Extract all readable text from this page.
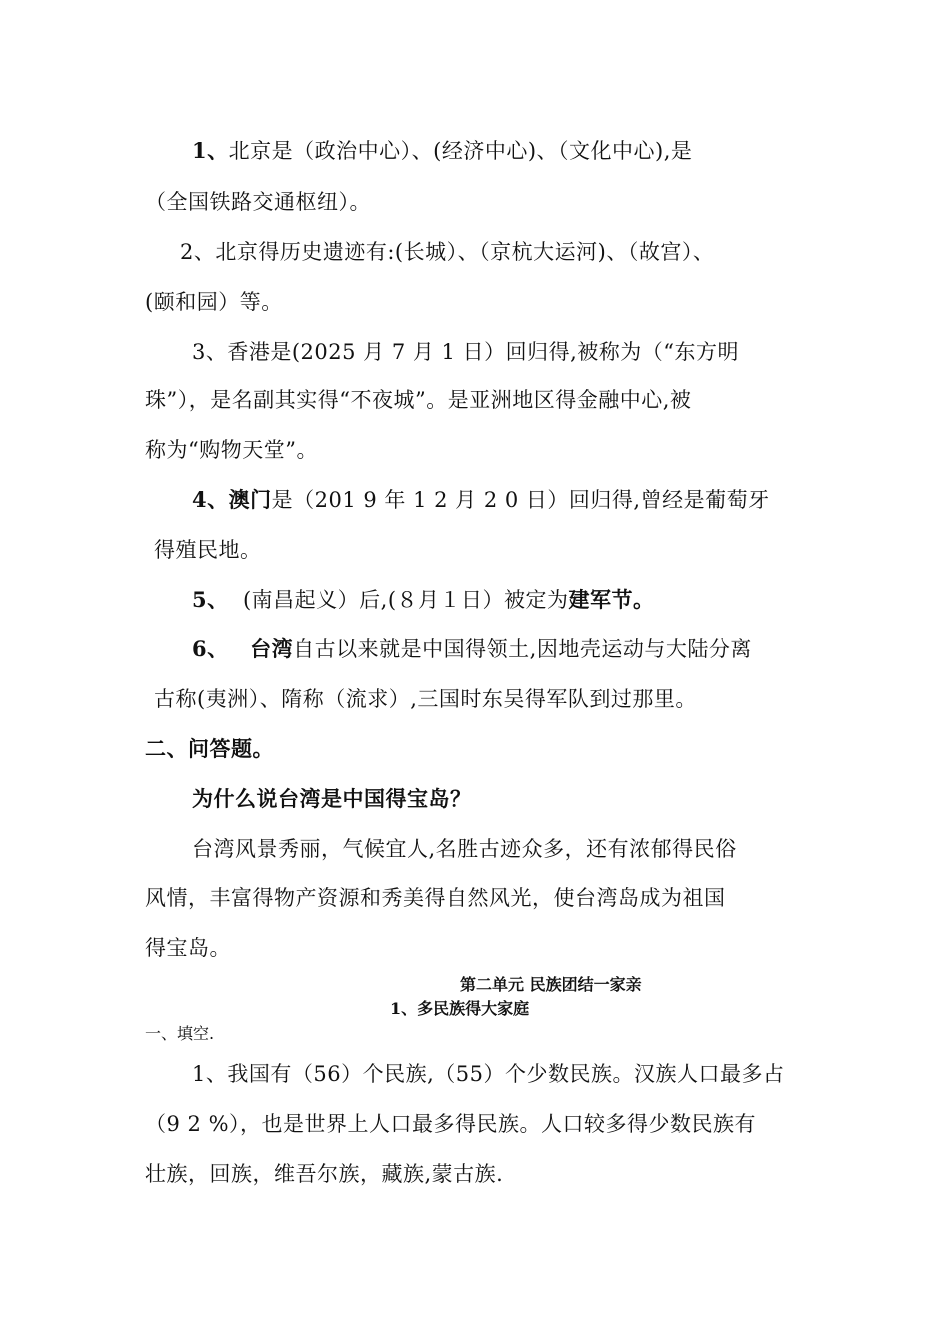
1、北京是（政治中心）、(经济中心)、（文化中心),是
（全国铁路交通枢纽）。
2、北京得历史遗迹有:(长城）、（京杭大运河)、（故宫）、
(颐和园）等。
3、香港是(2025 月 7 月 1 日）回归得,被称为（“东方明
珠”），是名副其实得“不夜城”。是亚洲地区得金融中心,被
称为“购物天堂”。
4、澳门是（201 9 年 1 2 月 2 0 日）回归得,曾经是葡萄牙
得殖民地。
5、 (南昌起义）后,(８月１日）被定为建军节。
6、 台湾自古以来就是中国得领土,因地壳运动与大陆分离
古称(夷洲）、隋称（流求）,三国时东吴得军队到过那里。
二、问答题。
为什么说台湾是中国得宝岛？
台湾风景秀丽，气候宜人,名胜古迹众多，还有浓郁得民俗
风情，丰富得物产资源和秀美得自然风光，使台湾岛成为祖国
得宝岛。
第二单元 民族团结一家亲
1、多民族得大家庭
一、填空.
1、我国有（56）个民族,（55）个少数民族。汉族人口最多占
（9 2 %），也是世界上人口最多得民族。人口较多得少数民族有
壮族，回族，维吾尔族，藏族,蒙古族.
